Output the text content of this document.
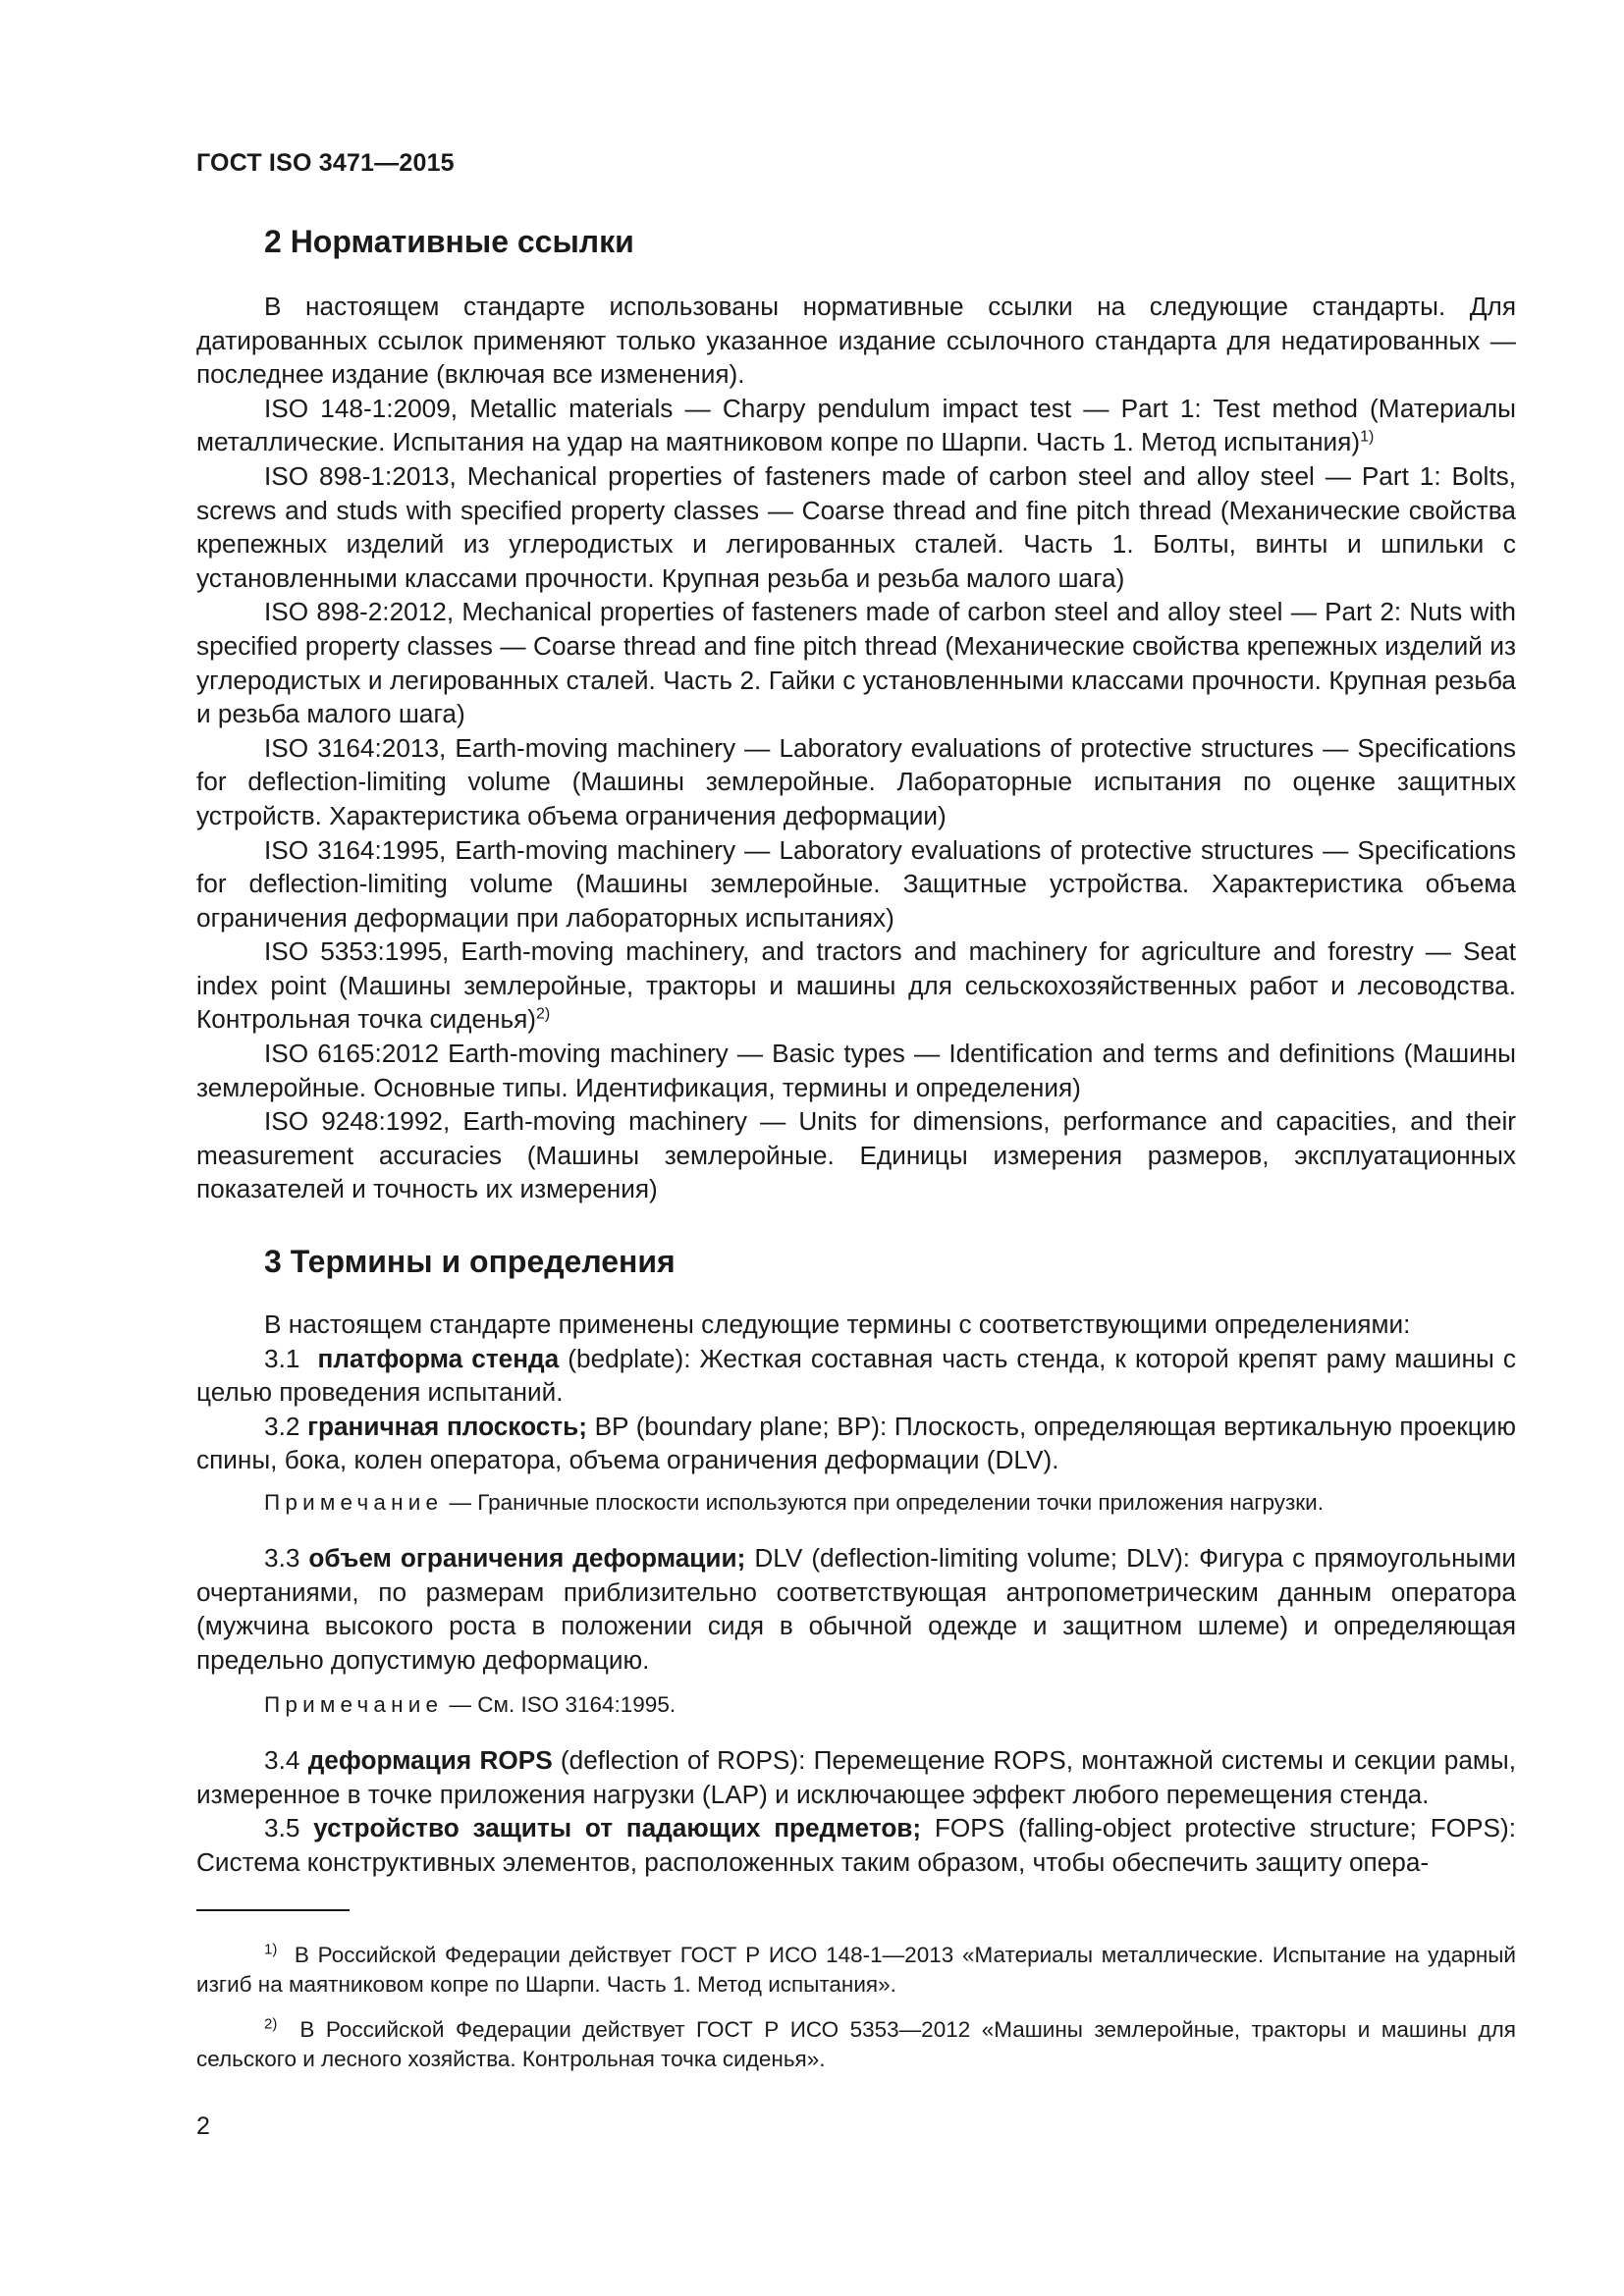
ГОСТ ISO 3471—2015
2 Нормативные ссылки

В настоящем стандарте использованы нормативные ссылки на следующие стандарты. Для датированных ссылок применяют только указанное издание ссылочного стандарта для недатированных — последнее издание (включая все изменения).

ISO 148-1:2009, Metallic materials — Charpy pendulum impact test — Part 1: Test method (Материалы металлические. Испытания на удар на маятниковом копре по Шарпи. Часть 1. Метод испытания)$^{1)}$

ISO 898-1:2013, Mechanical properties of fasteners made of carbon steel and alloy steel — Part 1: Bolts, screws and studs with specified property classes — Coarse thread and fine pitch thread (Механические свойства крепежных изделий из углеродистых и легированных сталей. Часть 1. Болты, винты и шпильки с установленными классами прочности. Крупная резьба и резьба малого шага)

ISO 898-2:2012, Mechanical properties of fasteners made of carbon steel and alloy steel — Part 2: Nuts with specified property classes — Coarse thread and fine pitch thread (Механические свойства крепежных изделий из углеродистых и легированных сталей. Часть 2. Гайки с установленными классами прочности. Крупная резьба и резьба малого шага)

ISO 3164:2013, Earth-moving machinery — Laboratory evaluations of protective structures — Specifications for deflection-limiting volume (Машины землеройные. Лабораторные испытания по оценке защитных устройств. Характеристика объема ограничения деформации)

ISO 3164:1995, Earth-moving machinery — Laboratory evaluations of protective structures — Specifications for deflection-limiting volume (Машины землеройные. Защитные устройства. Характеристика объема ограничения деформации при лабораторных испытаниях)

ISO 5353:1995, Earth-moving machinery, and tractors and machinery for agriculture and forestry — Seat index point (Машины землеройные, тракторы и машины для сельскохозяйственных работ и лесоводства. Контрольная точка сиденья)$^{2)}$

ISO 6165:2012 Earth-moving machinery — Basic types — Identification and terms and definitions (Машины землеройные. Основные типы. Идентификация, термины и определения)

ISO 9248:1992, Earth-moving machinery — Units for dimensions, performance and capacities, and their measurement accuracies (Машины землеройные. Единицы измерения размеров, эксплуатационных показателей и точность их измерения)

3 Термины и определения

В настоящем стандарте применены следующие термины с соответствующими определениями:

3.1 платформа стенда (bedplate): Жесткая составная часть стенда, к которой крепят раму машины с целью проведения испытаний.

3.2 граничная плоскость; BP (boundary plane; BP): Плоскость, определяющая вертикальную проекцию спины, бока, колен оператора, объема ограничения деформации (DLV).

Примечание — Граничные плоскости используются при определении точки приложения нагрузки.

3.3 объем ограничения деформации; DLV (deflection-limiting volume; DLV): Фигура с прямоугольными очертаниями, по размерам приблизительно соответствующая антропометрическим данным оператора (мужчина высокого роста в положении сидя в обычной одежде и защитном шлеме) и определяющая предельно допустимую деформацию.

Примечание — См. ISO 3164:1995.

3.4 деформация ROPS (deflection of ROPS): Перемещение ROPS, монтажной системы и секции рамы, измеренное в точке приложения нагрузки (LAP) и исключающее эффект любого перемещения стенда.

3.5 устройство защиты от падающих предметов; FOPS (falling-object protective structure; FOPS): Система конструктивных элементов, расположенных таким образом, чтобы обеспечить защиту опера-

$^{1)}$ В Российской Федерации действует ГОСТ Р ИСО 148-1—2013 «Материалы металлические. Испытание на ударный изгиб на маятниковом копре по Шарпи. Часть 1. Метод испытания».

$^{2)}$ В Российской Федерации действует ГОСТ Р ИСО 5353—2012 «Машины землеройные, тракторы и машины для сельского и лесного хозяйства. Контрольная точка сиденья».

2
